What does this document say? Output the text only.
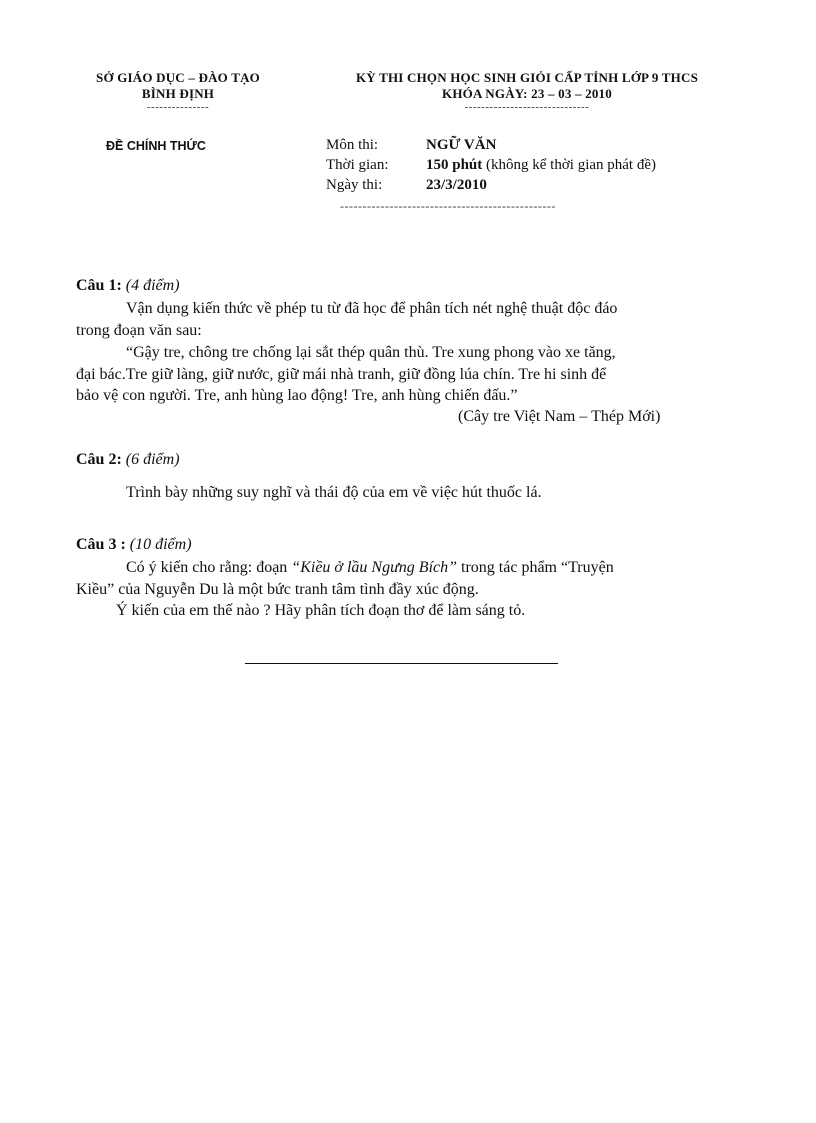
SỞ GIÁO DỤC – ĐÀO TẠO
BÌNH ĐỊNH
---------------
KỲ THI CHỌN HỌC SINH GIỎI CẤP TỈNH LỚP 9 THCS
KHÓA NGÀY: 23 – 03 – 2010
------------------------------
ĐỀ CHÍNH THỨC	Môn thi:	NGỮ VĂN
Thời gian: 150 phút (không kể thời gian phát đề)
Ngày thi:	23/3/2010
------------------------------------------------
Câu 1: (4 điểm)
Vận dụng kiến thức về phép tu từ đã học để phân tích nét nghệ thuật độc đáo
trong đoạn văn sau:
“Gậy tre, chông tre chống lại sắt thép quân thù. Tre xung phong vào xe tăng,
đại bác.Tre giữ làng, giữ nước, giữ mái nhà tranh, giữ đồng lúa chín. Tre hi sinh để
bảo vệ con người. Tre, anh hùng lao động! Tre, anh hùng chiến đấu.”
(Cây tre Việt Nam – Thép Mới)
Câu 2: (6 điểm)
Trình bày những suy nghĩ và thái độ của em về việc hút thuốc lá.
Câu 3 : (10 điểm)
Có ý kiến cho rằng: đoạn “Kiều ở lầu Ngưng Bích” trong tác phẩm “Truyện
Kiều” của Nguyễn Du là một bức tranh tâm tình đầy xúc động.
Ý kiến của em thế nào ? Hãy phân tích đoạn thơ để làm sáng tỏ.
